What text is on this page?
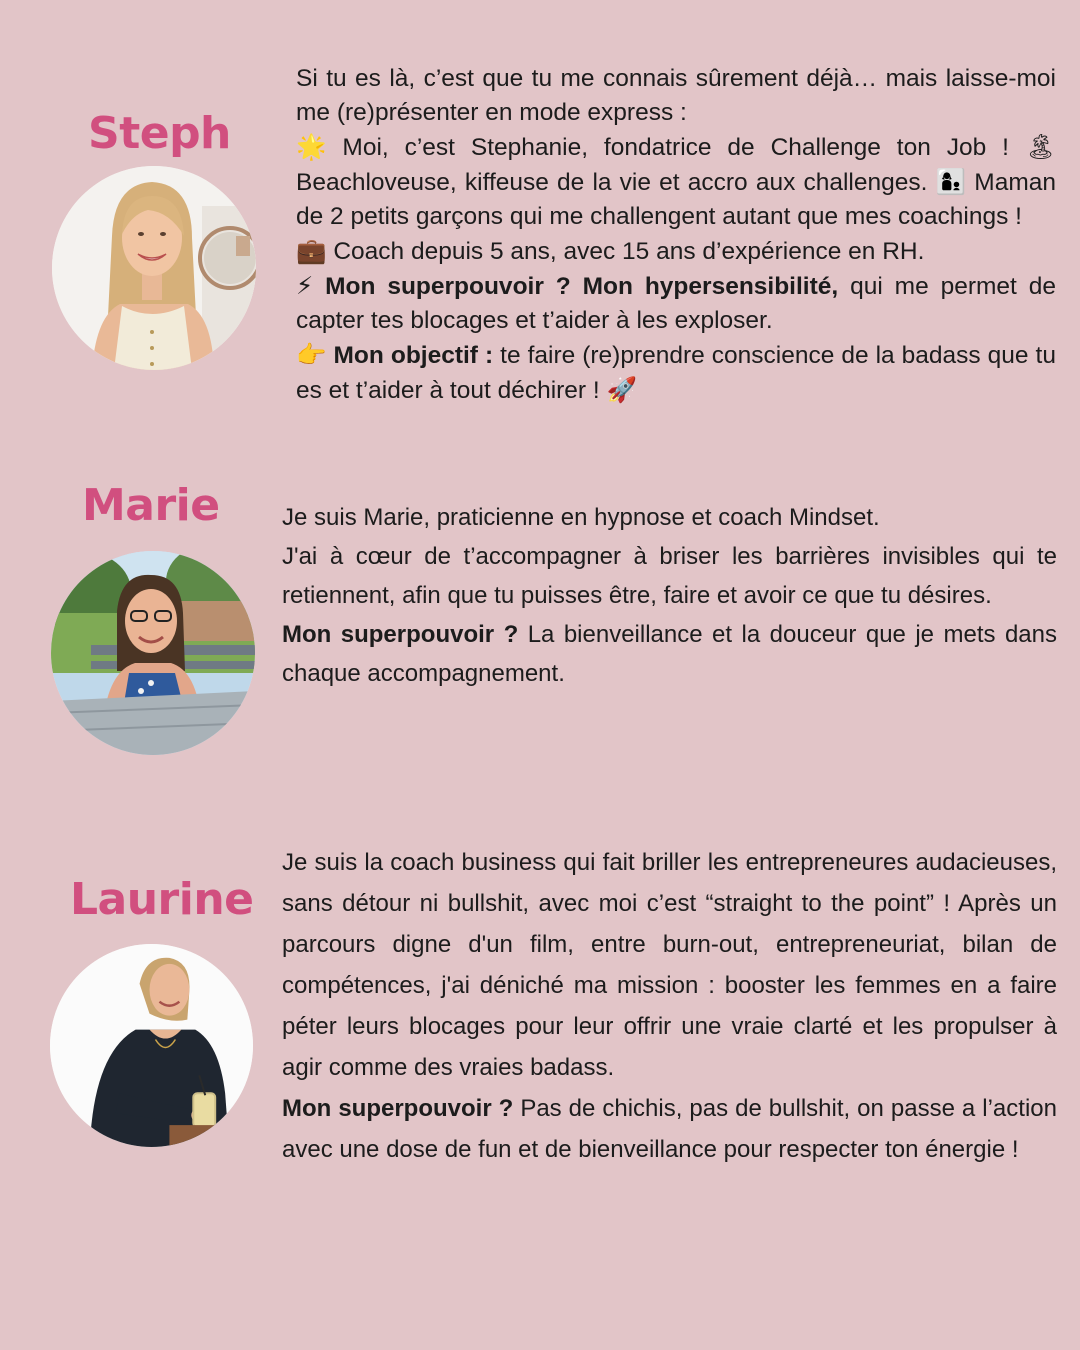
Steph
Si tu es là, c’est que tu me connais sûrement déjà… mais laisse-moi me (re)présenter en mode express :
🌟 Moi, c’est Stephanie, fondatrice de Challenge ton Job ! 🏝 Beachloveuse, kiffeuse de la vie et accro aux challenges. 👩‍👦 Maman de 2 petits garçons qui me challengent autant que mes coachings !
💼 Coach depuis 5 ans, avec 15 ans d’expérience en RH.
⚡ Mon superpouvoir ? Mon hypersensibilité, qui me permet de capter tes blocages et t’aider à les exploser.
👉 Mon objectif : te faire (re)prendre conscience de la badass que tu es et t’aider à tout déchirer ! 🚀
Marie	Je suis Marie, praticienne en hypnose et coach Mindset.

J'ai à cœur de t’accompagner à briser les barrières invisibles qui te retiennent, afin que tu puisses être, faire et avoir ce que tu désires.

Mon superpouvoir ? La bienveillance et la douceur que je mets dans chaque accompagnement.

Laurine

Je suis la coach business qui fait briller les entrepreneures audacieuses, sans détour ni bullshit, avec moi c’est “straight to the point” ! Après un parcours digne d'un film, entre burn-out, entrepreneuriat, bilan de compétences, j'ai déniché ma mission : booster les femmes en a faire péter leurs blocages pour leur offrir une vraie clarté et les propulser à agir comme des vraies badass.

Mon superpouvoir ? Pas de chichis, pas de bullshit, on passe a l’action avec une dose de fun et de bienveillance pour respecter ton énergie !
